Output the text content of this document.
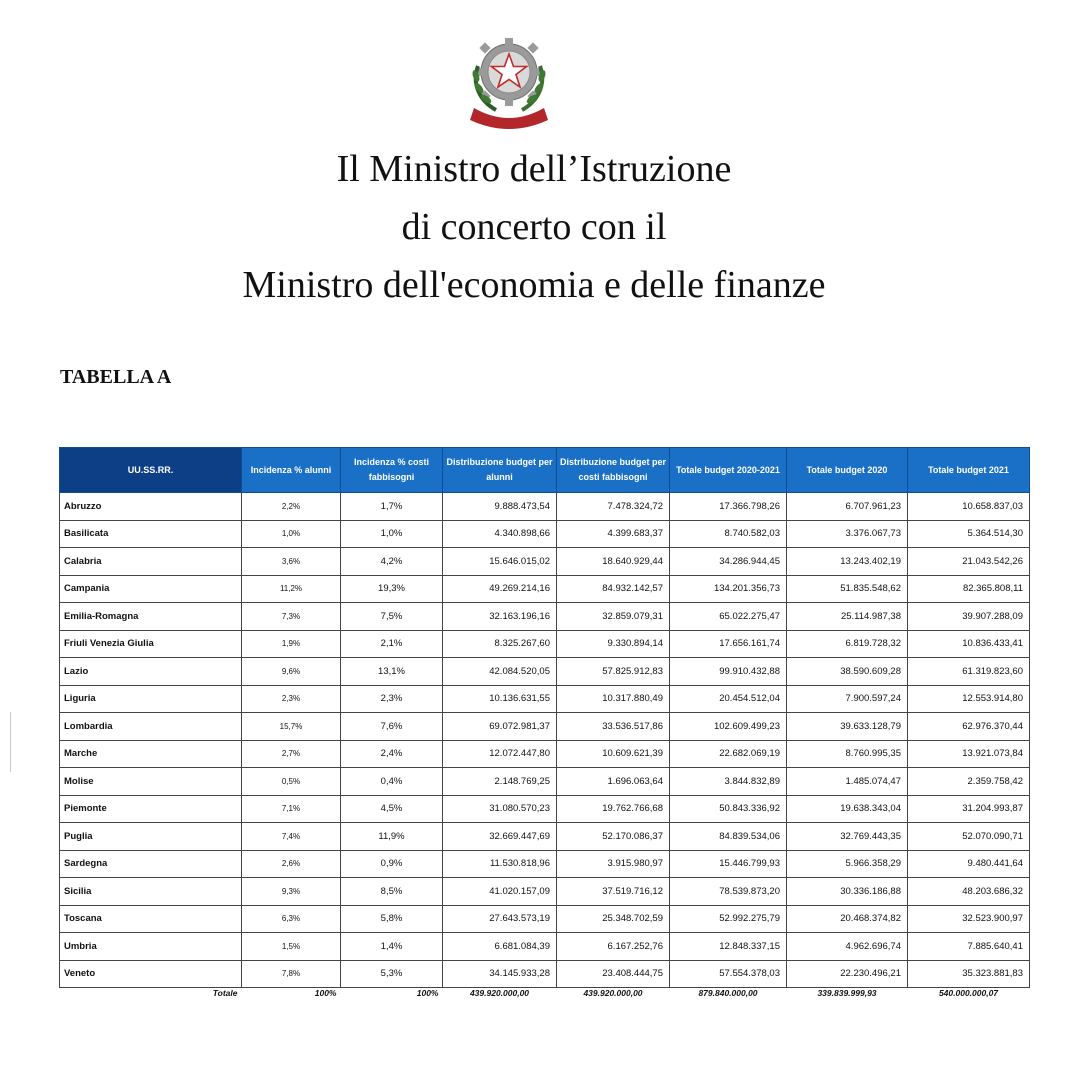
Il Ministro dell’Istruzione
di concerto con il
Ministro dell'economia e delle finanze
TABELLA A
UU.SS.RR.	Incidenza % alunni	Incidenza % costi fabbisogni	Distribuzione budget per alunni	Distribuzione budget per costi fabbisogni	Totale budget 2020-2021	Totale budget 2020	Totale budget 2021
Abruzzo	2,2%	1,7%	9.888.473,54	7.478.324,72	17.366.798,26	6.707.961,23	10.658.837,03
Basilicata	1,0%	1,0%	4.340.898,66	4.399.683,37	8.740.582,03	3.376.067,73	5.364.514,30
Calabria	3,6%	4,2%	15.646.015,02	18.640.929,44	34.286.944,45	13.243.402,19	21.043.542,26
Campania	11,2%	19,3%	49.269.214,16	84.932.142,57	134.201.356,73	51.835.548,62	82.365.808,11
Emilia-Romagna	7,3%	7,5%	32.163.196,16	32.859.079,31	65.022.275,47	25.114.987,38	39.907.288,09
Friuli Venezia Giulia	1,9%	2,1%	8.325.267,60	9.330.894,14	17.656.161,74	6.819.728,32	10.836.433,41
Lazio	9,6%	13,1%	42.084.520,05	57.825.912,83	99.910.432,88	38.590.609,28	61.319.823,60
Liguria	2,3%	2,3%	10.136.631,55	10.317.880,49	20.454.512,04	7.900.597,24	12.553.914,80
Lombardia	15,7%	7,6%	69.072.981,37	33.536.517,86	102.609.499,23	39.633.128,79	62.976.370,44
Marche	2,7%	2,4%	12.072.447,80	10.609.621,39	22.682.069,19	8.760.995,35	13.921.073,84
Molise	0,5%	0,4%	2.148.769,25	1.696.063,64	3.844.832,89	1.485.074,47	2.359.758,42
Piemonte	7,1%	4,5%	31.080.570,23	19.762.766,68	50.843.336,92	19.638.343,04	31.204.993,87
Puglia	7,4%	11,9%	32.669.447,69	52.170.086,37	84.839.534,06	32.769.443,35	52.070.090,71
Sardegna	2,6%	0,9%	11.530.818,96	3.915.980,97	15.446.799,93	5.966.358,29	9.480.441,64
Sicilia	9,3%	8,5%	41.020.157,09	37.519.716,12	78.539.873,20	30.336.186,88	48.203.686,32
Toscana	6,3%	5,8%	27.643.573,19	25.348.702,59	52.992.275,79	20.468.374,82	32.523.900,97
Umbria	1,5%	1,4%	6.681.084,39	6.167.252,76	12.848.337,15	4.962.696,74	7.885.640,41
Veneto	7,8%	5,3%	34.145.933,28	23.408.444,75	57.554.378,03	22.230.496,21	35.323.881,83
Totale	100%	100%	439.920.000,00	439.920.000,00	879.840.000,00	339.839.999,93	540.000.000,07
